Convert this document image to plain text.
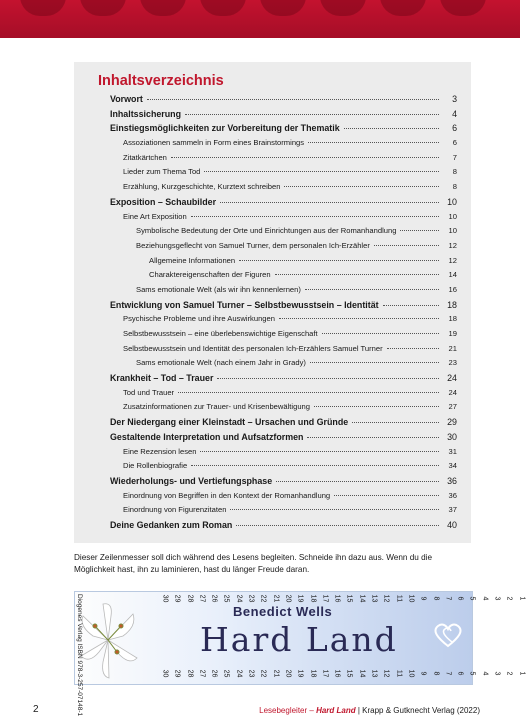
Inhaltsverzeichnis
Vorwort	3
Inhaltssicherung	4
Einstiegsmöglichkeiten zur Vorbereitung der Thematik	6
Assoziationen sammeln in Form eines Brainstormings	6
Zitatkärtchen	7
Lieder zum Thema Tod	8
Erzählung, Kurzgeschichte, Kurztext schreiben	8
Exposition – Schaubilder	10
Eine Art Exposition	10
Symbolische Bedeutung der Orte und Einrichtungen aus der Romanhandlung	10
Beziehungsgeflecht von Samuel Turner, dem personalen Ich-Erzähler	12
Allgemeine Informationen	12
Charaktereigenschaften der Figuren	14
Sams emotionale Welt (als wir ihn kennenlernen)	16
Entwicklung von Samuel Turner – Selbstbewusstsein – Identität	18
Psychische Probleme und ihre Auswirkungen	18
Selbstbewusstsein – eine überlebenswichtige Eigenschaft	19
Selbstbewusstsein und Identität des personalen Ich-Erzählers Samuel Turner	21
Sams emotionale Welt (nach einem Jahr in Grady)	23
Krankheit – Tod – Trauer	24
Tod und Trauer	24
Zusatzinformationen zur Trauer- und Krisenbewältigung	27
Der Niedergang einer Kleinstadt – Ursachen und Gründe	29
Gestaltende Interpretation und Aufsatzformen	30
Eine Rezension lesen	31
Die Rollenbiografie	34
Wiederholungs- und Vertiefungsphase	36
Einordnung von Begriffen in den Kontext der Romanhandlung	36
Einordnung von Figurenzitaten	37
Deine Gedanken zum Roman	40
Dieser Zeilenmesser soll dich während des Lesens begleiten. Schneide ihn dazu aus. Wenn du die Möglichkeit hast, ihn zu laminieren, hast du länger Freude daran.
Diogenes Verlag ISBN 978-3-257-07148-1	30 29 28 27 26 25 24 23 22 21 20 19 18 17 16 15 14 13 12 11 10 9 8 7 6 5 4 3 2 1
30 29 28 27 26 25 24 23 22 21 20 19 18 17 16 15 14 13 12 11 10 9 8 7 6 5 4 3 2 1
Benedict Wells
Hard Land
2	Lesebegleiter – Hard Land | Krapp & Gutknecht Verlag (2022)
